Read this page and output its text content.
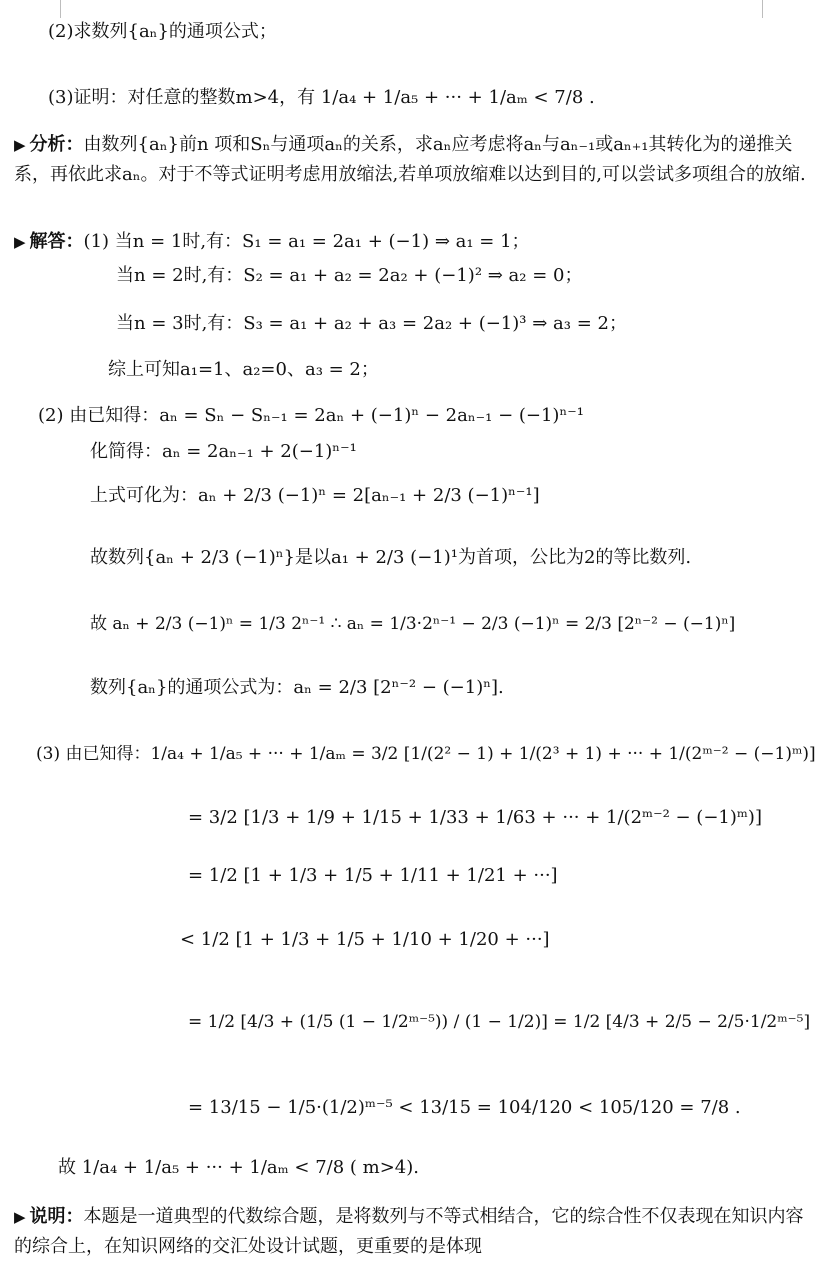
(2)求数列{aₙ}的通项公式；
(3)证明：对任意的整数m>4，有 1/a₄ + 1/a₅ + ··· + 1/aₘ < 7/8 .
▶ 分析：由数列{aₙ}前n 项和Sₙ与通项aₙ的关系，求aₙ应考虑将aₙ与aₙ₋₁或aₙ₊₁其转化为的递推关系，再依此求aₙ。对于不等式证明考虑用放缩法,若单项放缩难以达到目的,可以尝试多项组合的放缩.
▶ 解答：(1) 当n = 1时,有：S₁ = a₁ = 2a₁ + (−1) ⇒ a₁ = 1；
当n = 2时,有：S₂ = a₁ + a₂ = 2a₂ + (−1)² ⇒ a₂ = 0；
当n = 3时,有：S₃ = a₁ + a₂ + a₃ = 2a₂ + (−1)³ ⇒ a₃ = 2；
综上可知a₁=1、a₂=0、a₃ = 2；
(2) 由已知得：aₙ = Sₙ − Sₙ₋₁ = 2aₙ + (−1)ⁿ − 2aₙ₋₁ − (−1)ⁿ⁻¹
化简得：aₙ = 2aₙ₋₁ + 2(−1)ⁿ⁻¹
上式可化为：aₙ + 2/3 (−1)ⁿ = 2[aₙ₋₁ + 2/3 (−1)ⁿ⁻¹]
故数列{aₙ + 2/3 (−1)ⁿ}是以a₁ + 2/3 (−1)¹为首项，公比为2的等比数列.
故 aₙ + 2/3 (−1)ⁿ = 1/3 2ⁿ⁻¹ ∴ aₙ = 1/3·2ⁿ⁻¹ − 2/3 (−1)ⁿ = 2/3 [2ⁿ⁻² − (−1)ⁿ]
数列{aₙ}的通项公式为：aₙ = 2/3 [2ⁿ⁻² − (−1)ⁿ].
(3) 由已知得：1/a₄ + 1/a₅ + ··· + 1/aₘ = 3/2 [1/(2² − 1) + 1/(2³ + 1) + ··· + 1/(2ᵐ⁻² − (−1)ᵐ)]
= 3/2 [1/3 + 1/9 + 1/15 + 1/33 + 1/63 + ··· + 1/(2ᵐ⁻² − (−1)ᵐ)]
= 1/2 [1 + 1/3 + 1/5 + 1/11 + 1/21 + ···]
< 1/2 [1 + 1/3 + 1/5 + 1/10 + 1/20 + ···]
= 1/2 [4/3 + (1/5 (1 − 1/2ᵐ⁻⁵)) / (1 − 1/2)] = 1/2 [4/3 + 2/5 − 2/5·1/2ᵐ⁻⁵]
= 13/15 − 1/5·(1/2)ᵐ⁻⁵ < 13/15 = 104/120 < 105/120 = 7/8 .
故 1/a₄ + 1/a₅ + ··· + 1/aₘ < 7/8 ( m>4).
▶ 说明：本题是一道典型的代数综合题，是将数列与不等式相结合，它的综合性不仅表现在知识内容的综合上，在知识网络的交汇处设计试题，更重要的是体现
